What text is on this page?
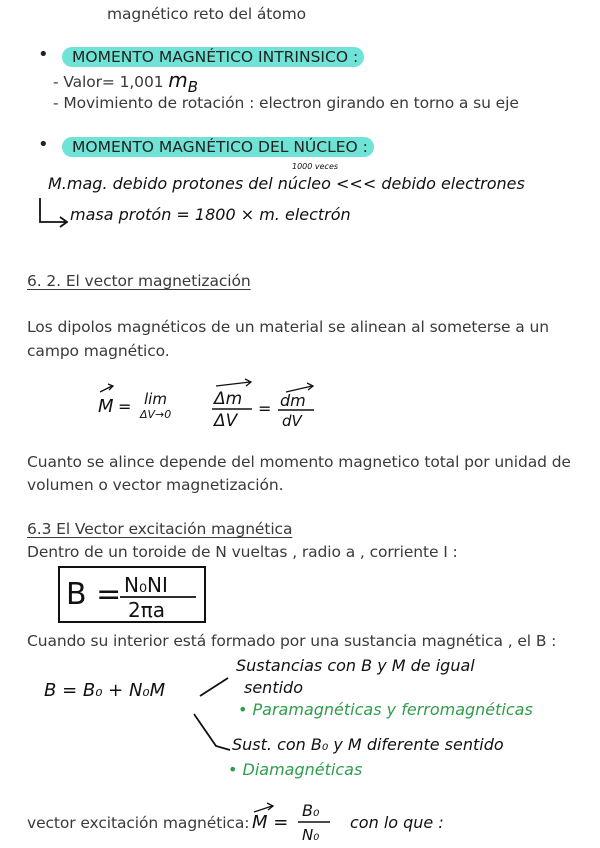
magnético reto del átomo
•	MOMENTO MAGNÉTICO INTRINSICO :
- Valor= 1,001 mB
- Movimiento de rotación : electron girando en torno a su eje
•	MOMENTO MAGNÉTICO DEL NÚCLEO :
1000 veces
M.mag. debido protones del núcleo <<< debido electrones
masa protón = 1800 × m. electrón
6. 2. El vector magnetización
Los dipolos magnéticos de un material se alinean al someterse a un
campo magnético.
M = lim
ΔV→0
Δm
ΔV
= dm
dV
Cuanto se alince depende del momento magnetico total por unidad de
volumen o vector magnetización.
6.3 El Vector excitación magnética
Dentro de un toroide de N vueltas , radio a , corriente I :
B = N₀NI
2πa
Cuando su interior está formado por una sustancia magnética , el B :
B = B₀ + N₀M
Sustancias con B y M de igual
sentido
• Paramagnéticas y ferromagnéticas
Sust. con B₀ y M diferente sentido
• Diamagnéticas
vector excitación magnética: M =
B₀
N₀
con lo que :
